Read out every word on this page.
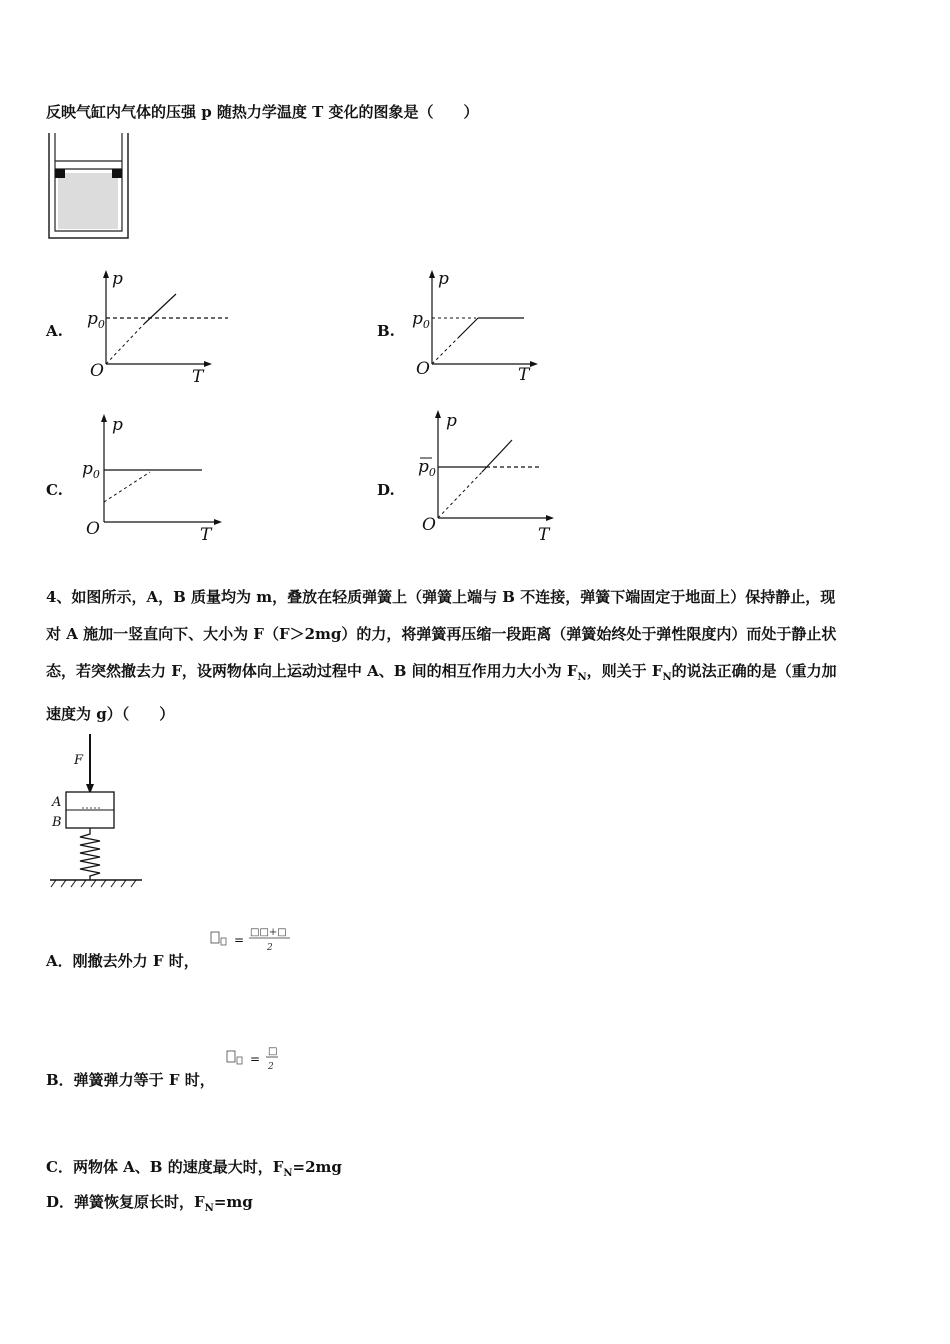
反映气缸内气体的压强 p 随热力学温度 T 变化的图象是（　　）
A.
p
$p_0$
O	T
B.
p
$p_0$
O	T
C.
p
$p_0$
O	T
D.
p
$p_0$
O	T
4、如图所示，A，B 质量均为 m，叠放在轻质弹簧上（弹簧上端与 B 不连接，弹簧下端固定于地面上）保持静止，现
对 A 施加一竖直向下、大小为 F（F＞2mg）的力，将弹簧再压缩一段距离（弹簧始终处于弹性限度内）而处于静止状
态，若突然撤去力 F，设两物体向上运动过程中 A、B 间的相互作用力大小为 $F_N$，则关于 $F_N$的说法正确的是（重力加
速度为 g）（　　）
F
A
B
A．刚撤去外力 F 时，
=
□□+□
2
B．弹簧弹力等于 F 时，
=
□
2
C．两物体 A、B 的速度最大时，$F_N=2mg$
D．弹簧恢复原长时，$F_N=mg$
